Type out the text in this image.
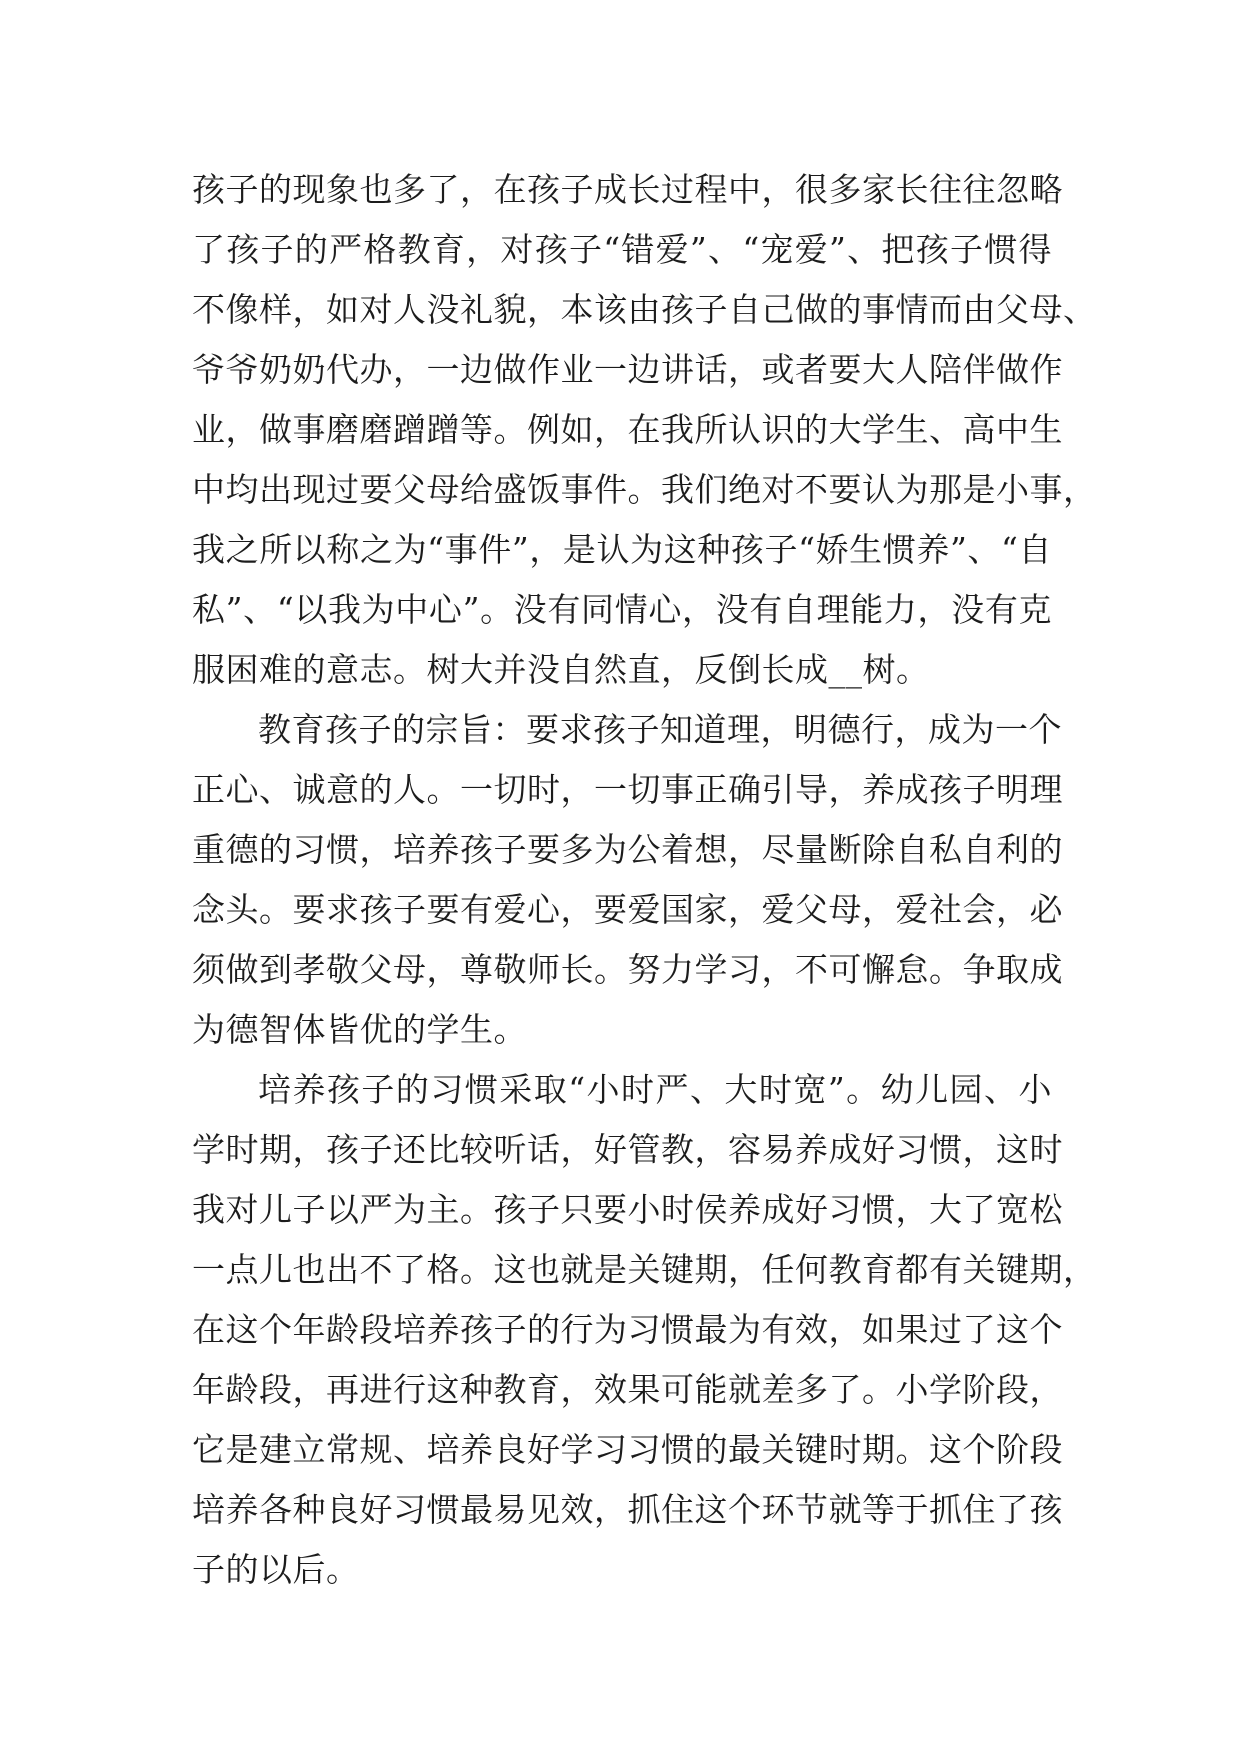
孩子的现象也多了，在孩子成长过程中，很多家长往往忽略
了孩子的严格教育，对孩子“错爱”、“宠爱”、把孩子惯得
不像样，如对人没礼貌，本该由孩子自己做的事情而由父母、
爷爷奶奶代办，一边做作业一边讲话，或者要大人陪伴做作
业，做事磨磨蹭蹭等。例如，在我所认识的大学生、高中生
中均出现过要父母给盛饭事件。我们绝对不要认为那是小事，
我之所以称之为“事件”，是认为这种孩子“娇生惯养”、“自
私”、“以我为中心”。没有同情心，没有自理能力，没有克
服困难的意志。树大并没自然直，反倒长成__树。
教育孩子的宗旨：要求孩子知道理，明德行，成为一个
正心、诚意的人。一切时，一切事正确引导，养成孩子明理
重德的习惯，培养孩子要多为公着想，尽量断除自私自利的
念头。要求孩子要有爱心，要爱国家，爱父母，爱社会，必
须做到孝敬父母，尊敬师长。努力学习，不可懈怠。争取成
为德智体皆优的学生。
培养孩子的习惯采取“小时严、大时宽”。幼儿园、小
学时期，孩子还比较听话，好管教，容易养成好习惯，这时
我对儿子以严为主。孩子只要小时侯养成好习惯，大了宽松
一点儿也出不了格。这也就是关键期，任何教育都有关键期，
在这个年龄段培养孩子的行为习惯最为有效，如果过了这个
年龄段，再进行这种教育，效果可能就差多了。小学阶段，
它是建立常规、培养良好学习习惯的最关键时期。这个阶段
培养各种良好习惯最易见效，抓住这个环节就等于抓住了孩
子的以后。
